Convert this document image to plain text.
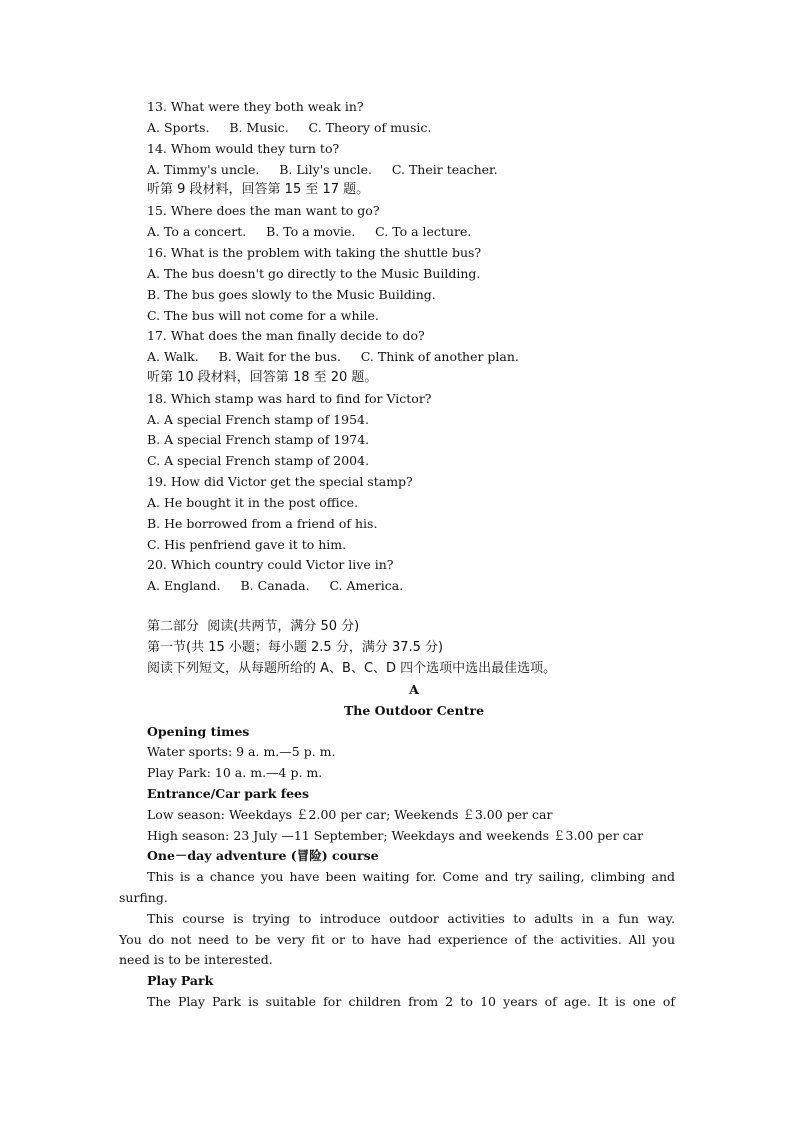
13. What were they both weak in?
A. Sports.     B. Music.     C. Theory of music.
14. Whom would they turn to?
A. Timmy's uncle.     B. Lily's uncle.     C. Their teacher.
听第 9 段材料，回答第 15 至 17 题。
15. Where does the man want to go?
A. To a concert.     B. To a movie.     C. To a lecture.
16. What is the problem with taking the shuttle bus?
A. The bus doesn't go directly to the Music Building.
B. The bus goes slowly to the Music Building.
C. The bus will not come for a while.
17. What does the man finally decide to do?
A. Walk.     B. Wait for the bus.     C. Think of another plan.
听第 10 段材料，回答第 18 至 20 题。
18. Which stamp was hard to find for Victor?
A. A special French stamp of 1954.
B. A special French stamp of 1974.
C. A special French stamp of 2004.
19. How did Victor get the special stamp?
A. He bought it in the post office.
B. He borrowed from a friend of his.
C. His penfriend gave it to him.
20. Which country could Victor live in?
A. England.     B. Canada.     C. America.
第二部分  阅读(共两节，满分 50 分)
第一节(共 15 小题；每小题 2.5 分，满分 37.5 分)
阅读下列短文，从每题所给的 A、B、C、D 四个选项中选出最佳选项。
A
The Outdoor Centre
Opening times
Water sports: 9 a. m.—5 p. m.
Play Park: 10 a. m.—4 p. m.
Entrance/Car park fees
Low season: Weekdays ￡2.00 per car; Weekends ￡3.00 per car
High season: 23 July —11 September; Weekdays and weekends ￡3.00 per car
One－day adventure (冒险) course
This is a chance you have been waiting for. Come and try sailing, climbing and
surfing.
This course is trying to introduce outdoor activities to adults in a fun way.
You do not need to be very fit or to have had experience of the activities. All you
need is to be interested.
Play Park
The Play Park is suitable for children from 2 to 10 years of age. It is one of
